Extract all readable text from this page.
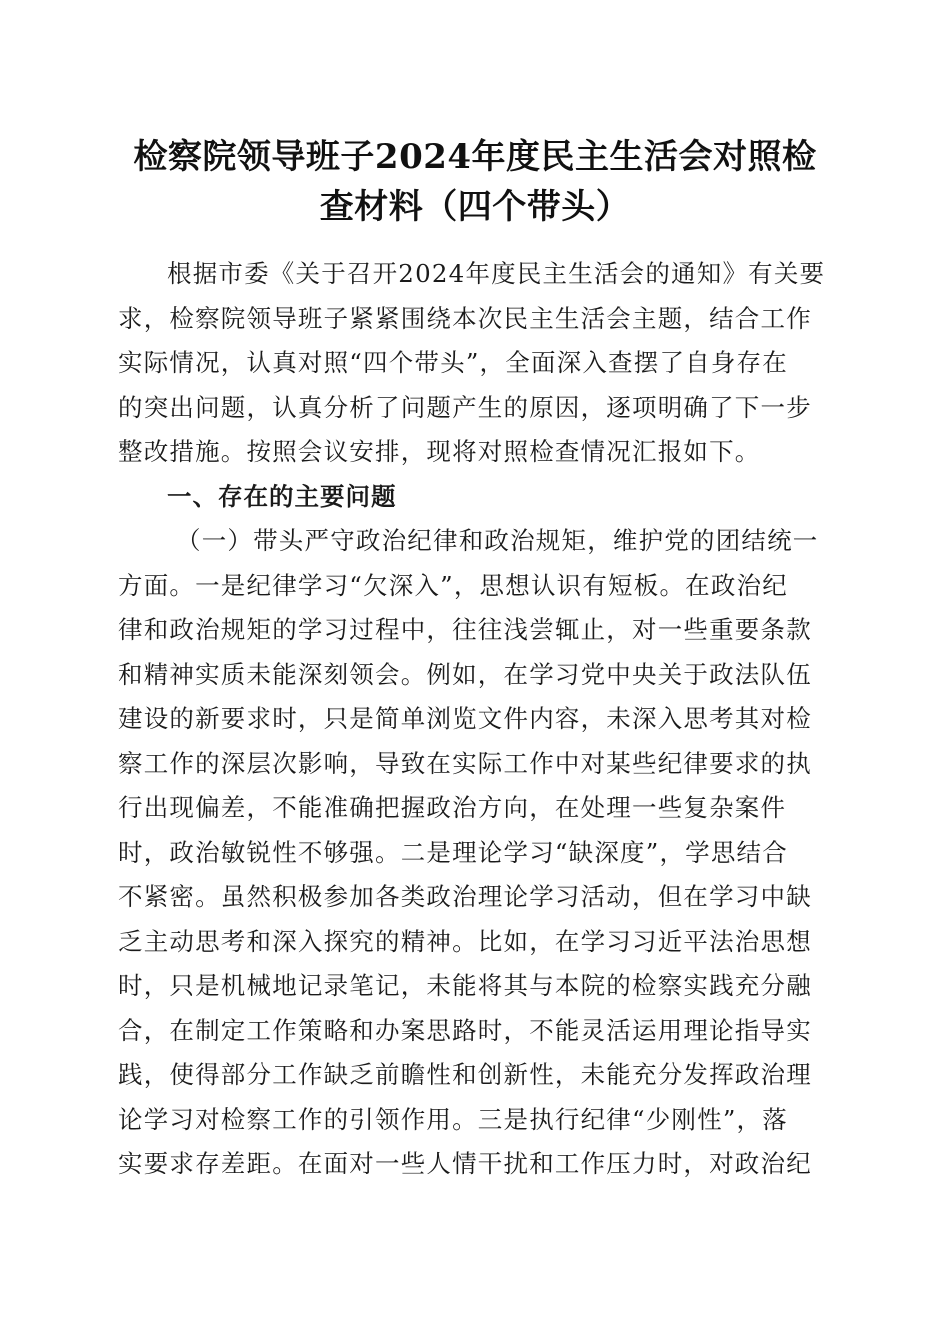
检察院领导班子2024年度民主生活会对照检
查材料（四个带头）
根据市委《关于召开2024年度民主生活会的通知》有关要
求，检察院领导班子紧紧围绕本次民主生活会主题，结合工作
实际情况，认真对照“四个带头”，全面深入查摆了自身存在
的突出问题，认真分析了问题产生的原因，逐项明确了下一步
整改措施。按照会议安排，现将对照检查情况汇报如下。
一、存在的主要问题
（一）带头严守政治纪律和政治规矩，维护党的团结统一
方面。一是纪律学习“欠深入”，思想认识有短板。在政治纪
律和政治规矩的学习过程中，往往浅尝辄止，对一些重要条款
和精神实质未能深刻领会。例如，在学习党中央关于政法队伍
建设的新要求时，只是简单浏览文件内容，未深入思考其对检
察工作的深层次影响，导致在实际工作中对某些纪律要求的执
行出现偏差，不能准确把握政治方向，在处理一些复杂案件
时，政治敏锐性不够强。二是理论学习“缺深度”，学思结合
不紧密。虽然积极参加各类政治理论学习活动，但在学习中缺
乏主动思考和深入探究的精神。比如，在学习习近平法治思想
时，只是机械地记录笔记，未能将其与本院的检察实践充分融
合，在制定工作策略和办案思路时，不能灵活运用理论指导实
践，使得部分工作缺乏前瞻性和创新性，未能充分发挥政治理
论学习对检察工作的引领作用。三是执行纪律“少刚性”，落
实要求存差距。在面对一些人情干扰和工作压力时，对政治纪
